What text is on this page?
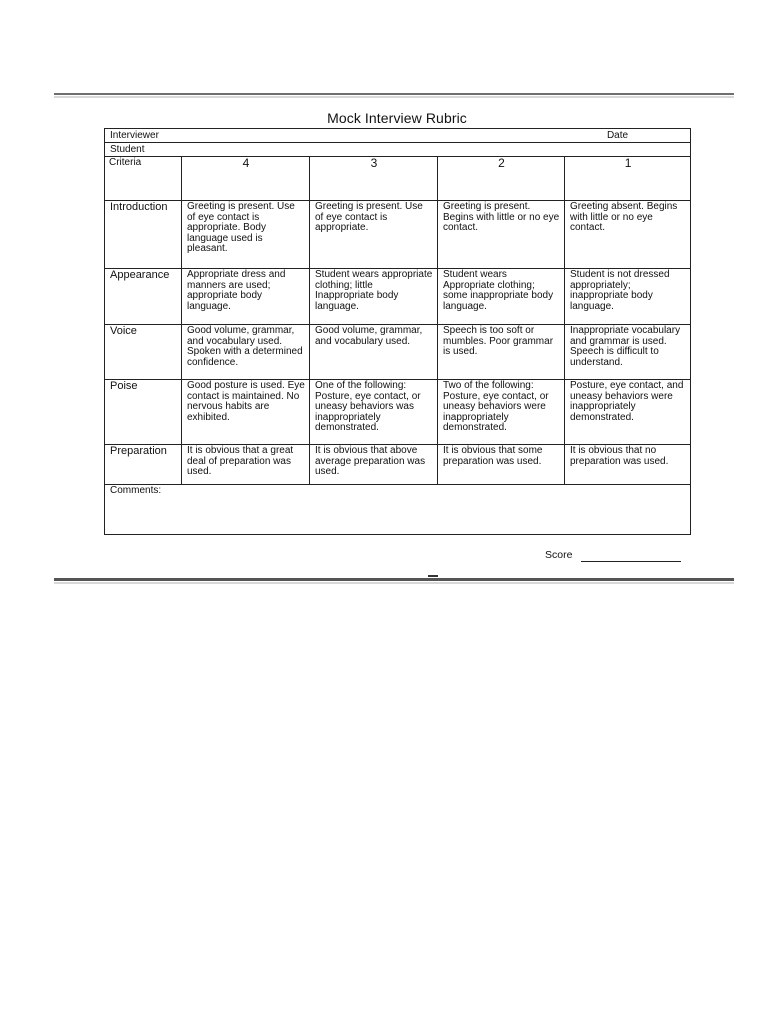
Mock Interview Rubric
Interviewer Date				

Student				
Criteria	4	3	2	1
Introduction	Greeting is present. Use of eye contact is appropriate. Body language used is pleasant.	Greeting is present. Use of eye contact is appropriate.	Greeting is present. Begins with little or no eye contact.	Greeting absent. Begins with little or no eye contact.
Appearance	Appropriate dress and manners are used; appropriate body language.	Student wears appropriate clothing; little Inappropriate body language.	Student wears Appropriate clothing; some inappropriate body language.	Student is not dressed appropriately; inappropriate body language.
Voice	Good volume, grammar, and vocabulary used. Spoken with a determined confidence.	Good volume, grammar, and vocabulary used.	Speech is too soft or mumbles. Poor grammar is used.	Inappropriate vocabulary and grammar is used. Speech is difficult to understand.
Poise	Good posture is used. Eye contact is maintained. No nervous habits are exhibited.	One of the following: Posture, eye contact, or uneasy behaviors was inappropriately demonstrated.	Two of the following: Posture, eye contact, or uneasy behaviors were inappropriately demonstrated.	Posture, eye contact, and uneasy behaviors were inappropriately demonstrated.
Preparation	It is obvious that a great deal of preparation was used.	It is obvious that above average preparation was used.	It is obvious that some preparation was used.	It is obvious that no preparation was used.
Comments:				
Score
